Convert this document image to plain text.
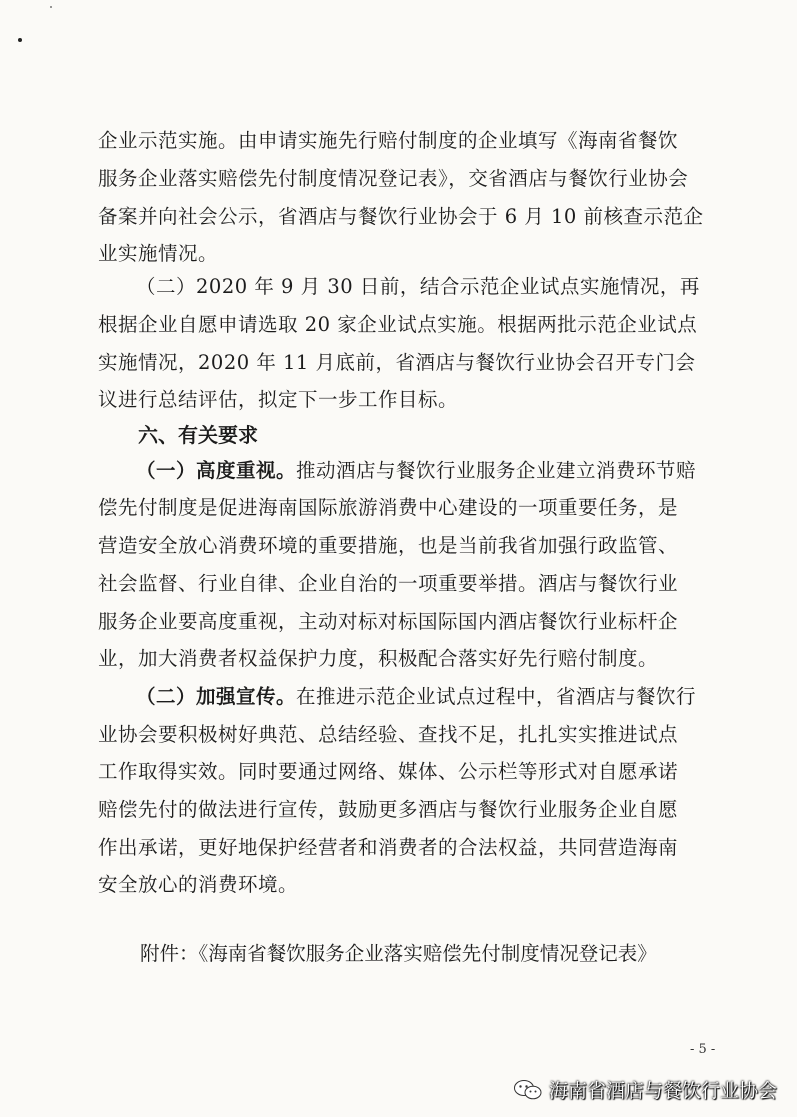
企业示范实施。由申请实施先行赔付制度的企业填写《海南省餐饮
服务企业落实赔偿先付制度情况登记表》，交省酒店与餐饮行业协会
备案并向社会公示，省酒店与餐饮行业协会于 6 月 10 前核查示范企
业实施情况。
（二）2020 年 9 月 30 日前，结合示范企业试点实施情况，再
根据企业自愿申请选取 20 家企业试点实施。根据两批示范企业试点
实施情况，2020 年 11 月底前，省酒店与餐饮行业协会召开专门会
议进行总结评估，拟定下一步工作目标。
六、有关要求
（一）高度重视。推动酒店与餐饮行业服务企业建立消费环节赔
偿先付制度是促进海南国际旅游消费中心建设的一项重要任务，是
营造安全放心消费环境的重要措施，也是当前我省加强行政监管、
社会监督、行业自律、企业自治的一项重要举措。酒店与餐饮行业
服务企业要高度重视，主动对标对标国际国内酒店餐饮行业标杆企
业，加大消费者权益保护力度，积极配合落实好先行赔付制度。
（二）加强宣传。在推进示范企业试点过程中，省酒店与餐饮行
业协会要积极树好典范、总结经验、查找不足，扎扎实实推进试点
工作取得实效。同时要通过网络、媒体、公示栏等形式对自愿承诺
赔偿先付的做法进行宣传，鼓励更多酒店与餐饮行业服务企业自愿
作出承诺，更好地保护经营者和消费者的合法权益，共同营造海南
安全放心的消费环境。
附件：《海南省餐饮服务企业落实赔偿先付制度情况登记表》
- 5 -
海南省酒店与餐饮行业协会
